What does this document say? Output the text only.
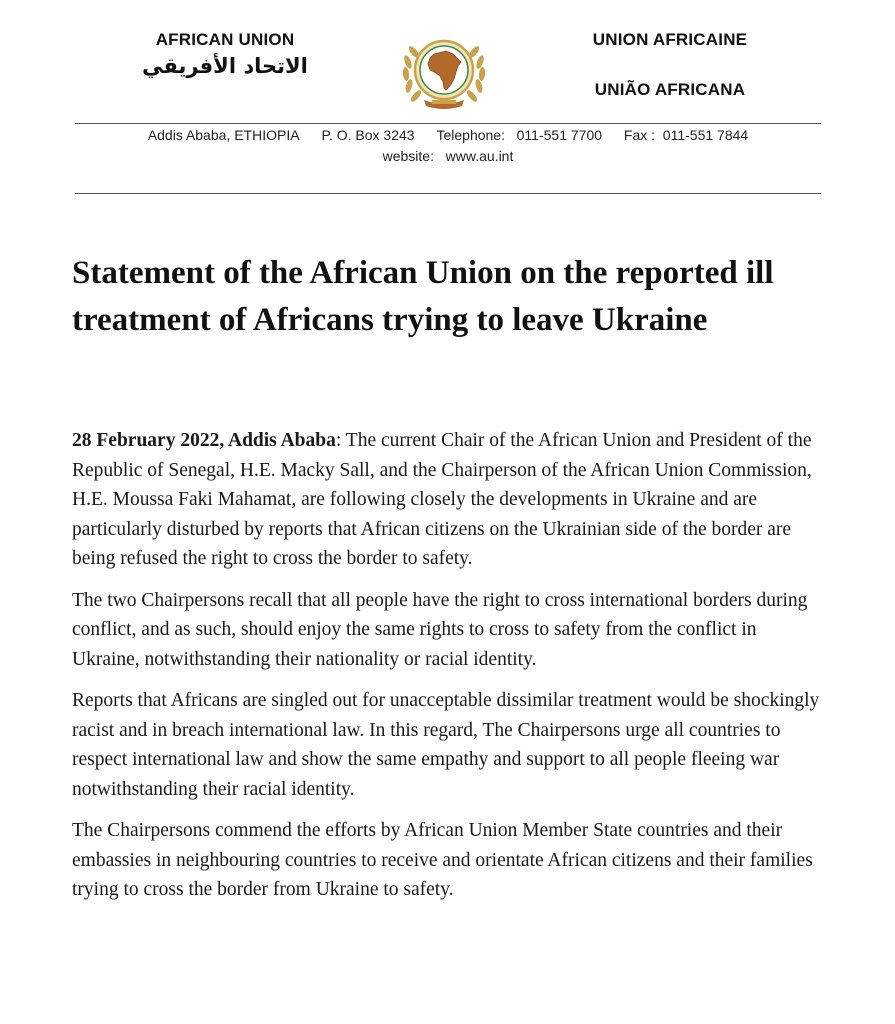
AFRICAN UNION
الاتحاد الأفريقي
UNION AFRICAINE
UNIÃO AFRICANA
Addis Ababa, ETHIOPIA P. O. Box 3243 Telephone:   011-551 7700 Fax :  011-551 7844
website:   www.au.int
Statement of the African Union on the reported ill treatment of Africans trying to leave Ukraine

28 February 2022, Addis Ababa: The current Chair of the African Union and President of the Republic of Senegal, H.E. Macky Sall, and the Chairperson of the African Union Commission, H.E. Moussa Faki Mahamat, are following closely the developments in Ukraine and are particularly disturbed by reports that African citizens on the Ukrainian side of the border are being refused the right to cross the border to safety.

The two Chairpersons recall that all people have the right to cross international borders during conflict, and as such, should enjoy the same rights to cross to safety from the conflict in Ukraine, notwithstanding their nationality or racial identity.

Reports that Africans are singled out for unacceptable dissimilar treatment would be shockingly racist and in breach international law. In this regard, The Chairpersons urge all countries to respect international law and show the same empathy and support to all people fleeing war notwithstanding their racial identity.

The Chairpersons commend the efforts by African Union Member State countries and their embassies in neighbouring countries to receive and orientate African citizens and their families trying to cross the border from Ukraine to safety.
